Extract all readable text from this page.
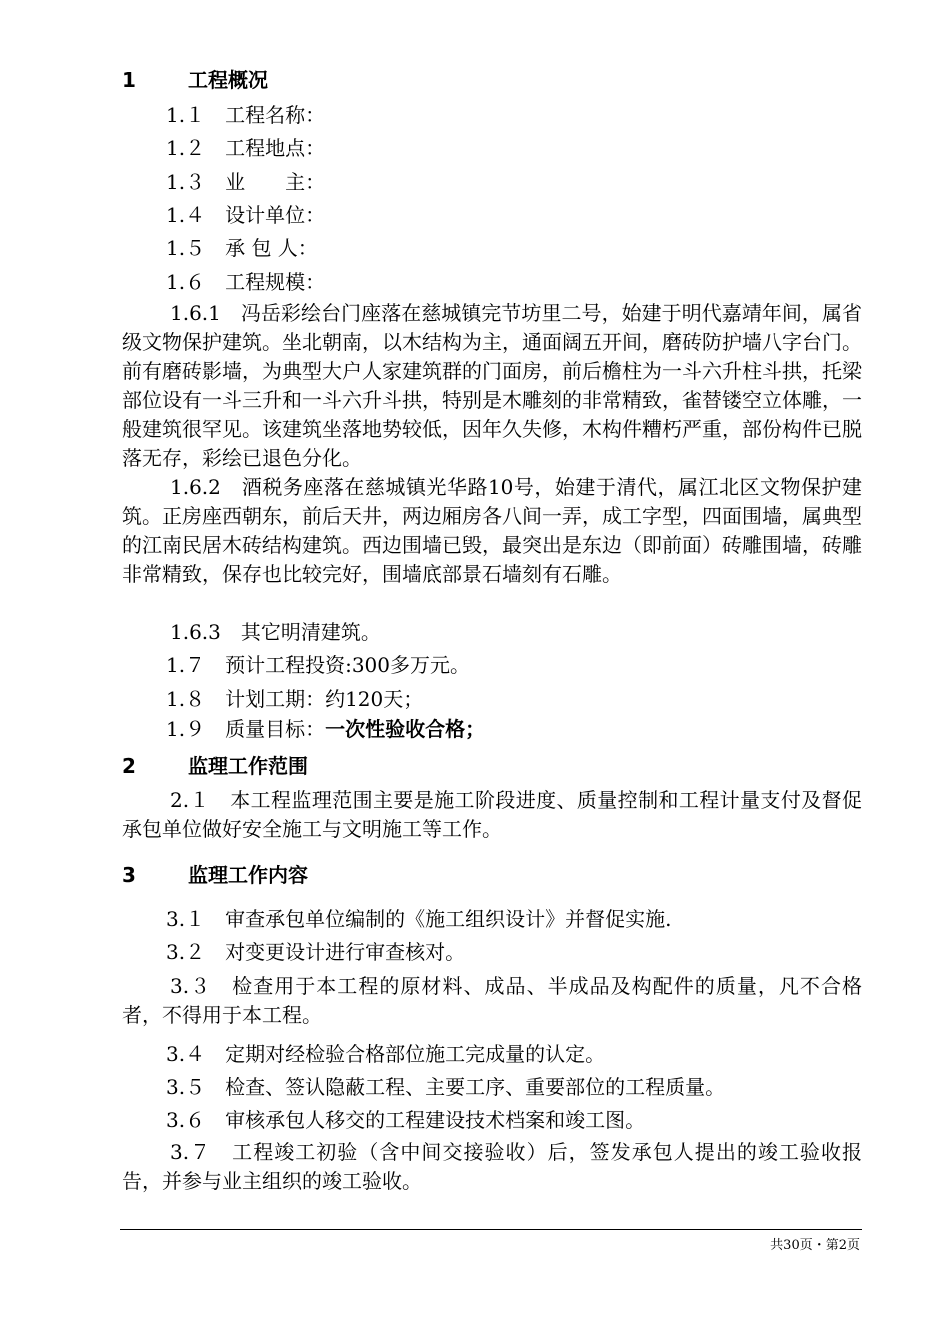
1	工程概况
1.１　工程名称：
1.２　工程地点：
1.３　业　　主：
1.４　设计单位：
1.５　承 包 人：
1.６　工程规模：
1.6.1　冯岳彩绘台门座落在慈城镇完节坊里二号，始建于明代嘉靖年间，属省级文物保护建筑。坐北朝南，以木结构为主，通面阔五开间，磨砖防护墙八字台门。前有磨砖影墙，为典型大户人家建筑群的门面房，前后檐柱为一斗六升柱斗拱，托梁部位设有一斗三升和一斗六升斗拱，特别是木雕刻的非常精致，雀替镂空立体雕，一般建筑很罕见。该建筑坐落地势较低，因年久失修，木构件糟朽严重，部份构件已脱落无存，彩绘已退色分化。
1.6.2　酒税务座落在慈城镇光华路10号，始建于清代，属江北区文物保护建筑。正房座西朝东，前后天井，两边厢房各八间一弄，成工字型，四面围墙，属典型的江南民居木砖结构建筑。西边围墙已毁，最突出是东边（即前面）砖雕围墙，砖雕非常精致，保存也比较完好，围墙底部景石墙刻有石雕。
1.6.3　其它明清建筑。
1.７　预计工程投资:300多万元。
1.８　计划工期：约120天；
1.９　质量目标：一次性验收合格；
2	监理工作范围
2.１　本工程监理范围主要是施工阶段进度、质量控制和工程计量支付及督促承包单位做好安全施工与文明施工等工作。
3	监理工作内容
3.１　审查承包单位编制的《施工组织设计》并督促实施.
3.２　对变更设计进行审查核对。
3.３　检查用于本工程的原材料、成品、半成品及构配件的质量，凡不合格者，不得用于本工程。
3.４　定期对经检验合格部位施工完成量的认定。
3.５　检查、签认隐蔽工程、主要工序、重要部位的工程质量。
3.６　审核承包人移交的工程建设技术档案和竣工图。
3.７　工程竣工初验（含中间交接验收）后，签发承包人提出的竣工验收报告，并参与业主组织的竣工验收。
共30页・第2页
